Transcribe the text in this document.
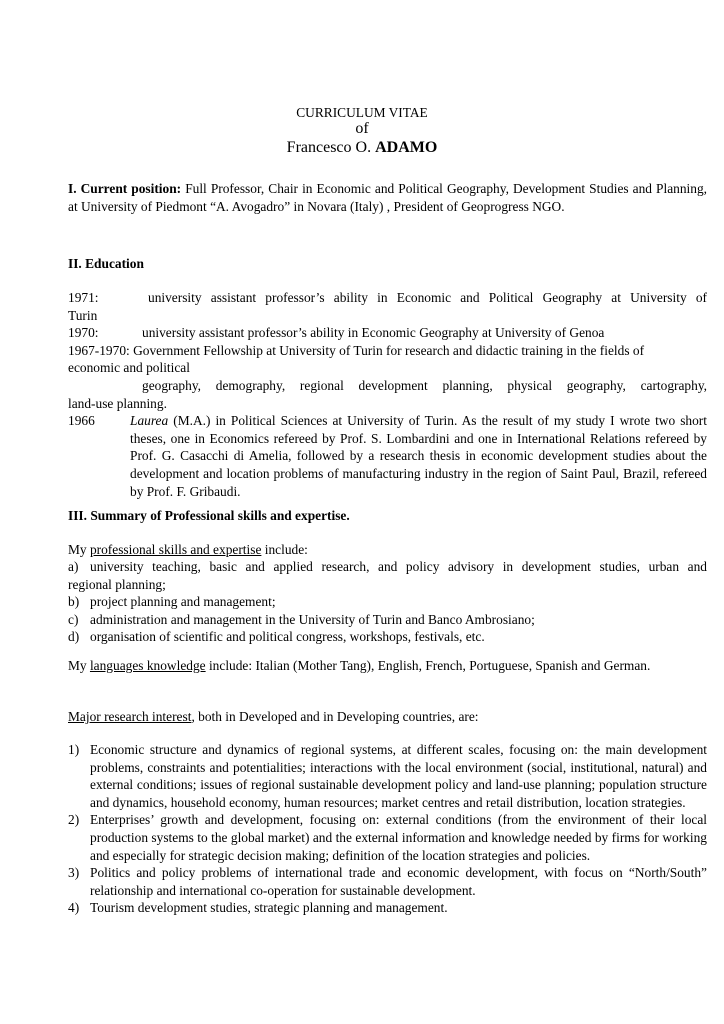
CURRICULUM VITAE
of
Francesco O. ADAMO
I. Current position: Full Professor, Chair in Economic and Political Geography, Development Studies and Planning, at University of Piedmont “A. Avogadro” in Novara (Italy) , President of Geoprogress NGO.
II. Education
1971:	university assistant professor’s ability in Economic and Political Geography at University of
Turin
1970:	university assistant professor’s ability in Economic Geography at University of Genoa
1967-1970: Government Fellowship at University of Turin for research and didactic training in the fields of
economic and political
geography, demography, regional development planning, physical geography, cartography,
land-use planning.
1966	Laurea (M.A.) in Political Sciences at University of Turin. As the result of my study I wrote two short theses, one in Economics refereed by Prof. S. Lombardini and one in International Relations refereed by Prof. G. Casacchi di Amelia, followed by a research thesis in economic development studies about the development and location problems of manufacturing industry in the region of Saint Paul, Brazil, refereed by Prof. F. Gribaudi.
III. Summary of Professional skills and expertise.
My professional skills and expertise include:
a) university teaching, basic and applied research, and policy advisory in development studies, urban and
regional planning;
b) project planning and management;
c) administration and management in the University of Turin and Banco Ambrosiano;
d) organisation of scientific and political congress, workshops, festivals, etc.
My languages knowledge include: Italian (Mother Tang), English, French, Portuguese, Spanish and German.
Major research interest, both in Developed and in Developing countries, are:
1) Economic structure and dynamics of regional systems, at different scales, focusing on: the main development problems, constraints and potentialities; interactions with the local environment (social, institutional, natural) and external conditions; issues of regional sustainable development policy and land-use planning; population structure and dynamics, household economy, human resources; market centres and retail distribution, location strategies.
2) Enterprises’ growth and development, focusing on: external conditions (from the environment of their local production systems to the global market) and the external information and knowledge needed by firms for working and especially for strategic decision making; definition of the location strategies and policies.
3) Politics and policy problems of international trade and economic development, with focus on “North/South” relationship and international co-operation for sustainable development.
4) Tourism development studies, strategic planning and management.
